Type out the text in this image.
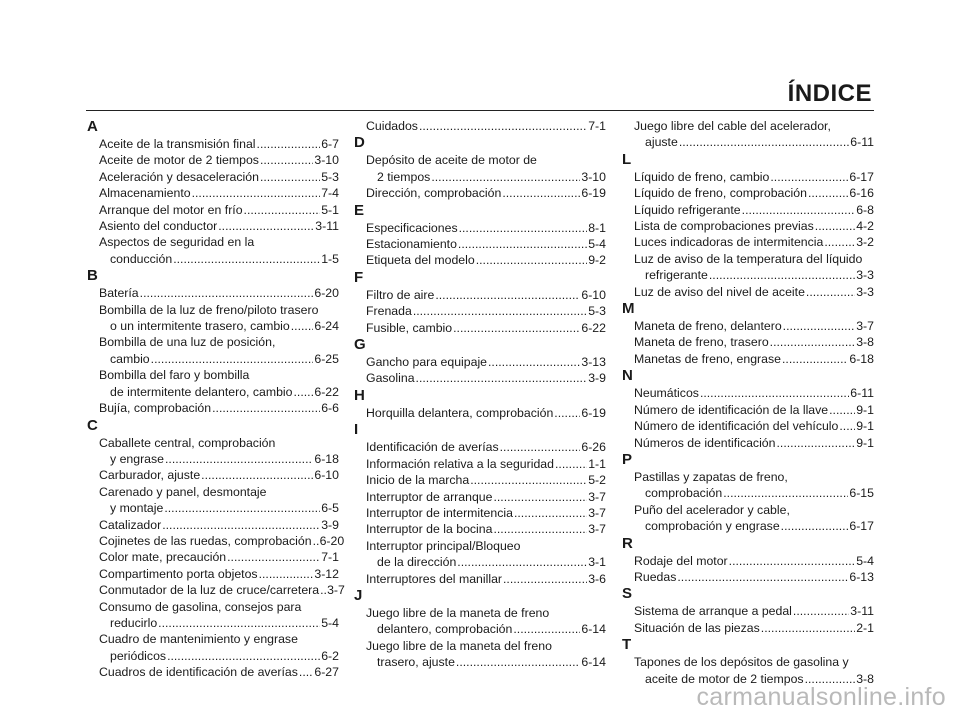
ÍNDICE
A
Aceite de la transmisión final .....	6-7
Aceite de motor de 2 tiempos .....	3-10
Aceleración y desaceleración .....	5-3
Almacenamiento .....	7-4
Arranque del motor en frío .....	5-1
Asiento del conductor .....	3-11
Aspectos de seguridad en la
conducción .....	1-5
B
Batería .....	6-20
Bombilla de la luz de freno/piloto trasero
o un intermitente trasero, cambio ..... 6-24
Bombilla de una luz de posición,
cambio .....	6-25
Bombilla del faro y bombilla
de intermitente delantero, cambio ..... 6-22
Bujía, comprobación .....	6-6
C
Caballete central, comprobación
y engrase .....	6-18
Carburador, ajuste .....	6-10
Carenado y panel, desmontaje
y montaje .....	6-5
Catalizador .....	3-9
Cojinetes de las ruedas, comprobación ..... 6-20
Color mate, precaución .....	7-1
Compartimento porta objetos .....	3-12
Conmutador de la luz de cruce/carretera ..... 3-7
Consumo de gasolina, consejos para
reducirlo .....	5-4
Cuadro de mantenimiento y engrase
periódicos .....	6-2
Cuadros de identificación de averías ..... 6-27
Cuidados .....	7-1
D
Depósito de aceite de motor de
2 tiempos .....	3-10
Dirección, comprobación .....	6-19
E
Especificaciones .....	8-1
Estacionamiento .....	5-4
Etiqueta del modelo .....	9-2
F
Filtro de aire .....	6-10
Frenada .....	5-3
Fusible, cambio .....	6-22
G
Gancho para equipaje .....	3-13
Gasolina .....	3-9
H
Horquilla delantera, comprobación ..... 6-19
I
Identificación de averías .....	6-26
Información relativa a la seguridad .....	1-1
Inicio de la marcha .....	5-2
Interruptor de arranque .....	3-7
Interruptor de intermitencia .....	3-7
Interruptor de la bocina .....	3-7
Interruptor principal/Bloqueo
de la dirección .....	3-1
Interruptores del manillar .....	3-6
J
Juego libre de la maneta de freno
delantero, comprobación .....	6-14
Juego libre de la maneta del freno
trasero, ajuste .....	6-14
Juego libre del cable del acelerador,
ajuste .....	6-11
L
Líquido de freno, cambio .....	6-17
Líquido de freno, comprobación .....	6-16
Líquido refrigerante .....	6-8
Lista de comprobaciones previas .....	4-2
Luces indicadoras de intermitencia .....	3-2
Luz de aviso de la temperatura del líquido
refrigerante .....	3-3
Luz de aviso del nivel de aceite .....	3-3
M
Maneta de freno, delantero .....	3-7
Maneta de freno, trasero .....	3-8
Manetas de freno, engrase .....	6-18
N
Neumáticos .....	6-11
Número de identificación de la llave ..... 9-1
Número de identificación del vehículo ..... 9-1
Números de identificación .....	9-1
P
Pastillas y zapatas de freno,
comprobación .....	6-15
Puño del acelerador y cable,
comprobación y engrase .....	6-17
R
Rodaje del motor .....	5-4
Ruedas .....	6-13
S
Sistema de arranque a pedal .....	3-11
Situación de las piezas .....	2-1
T
Tapones de los depósitos de gasolina y
aceite de motor de 2 tiempos .....	3-8
carmanualsonline.info
